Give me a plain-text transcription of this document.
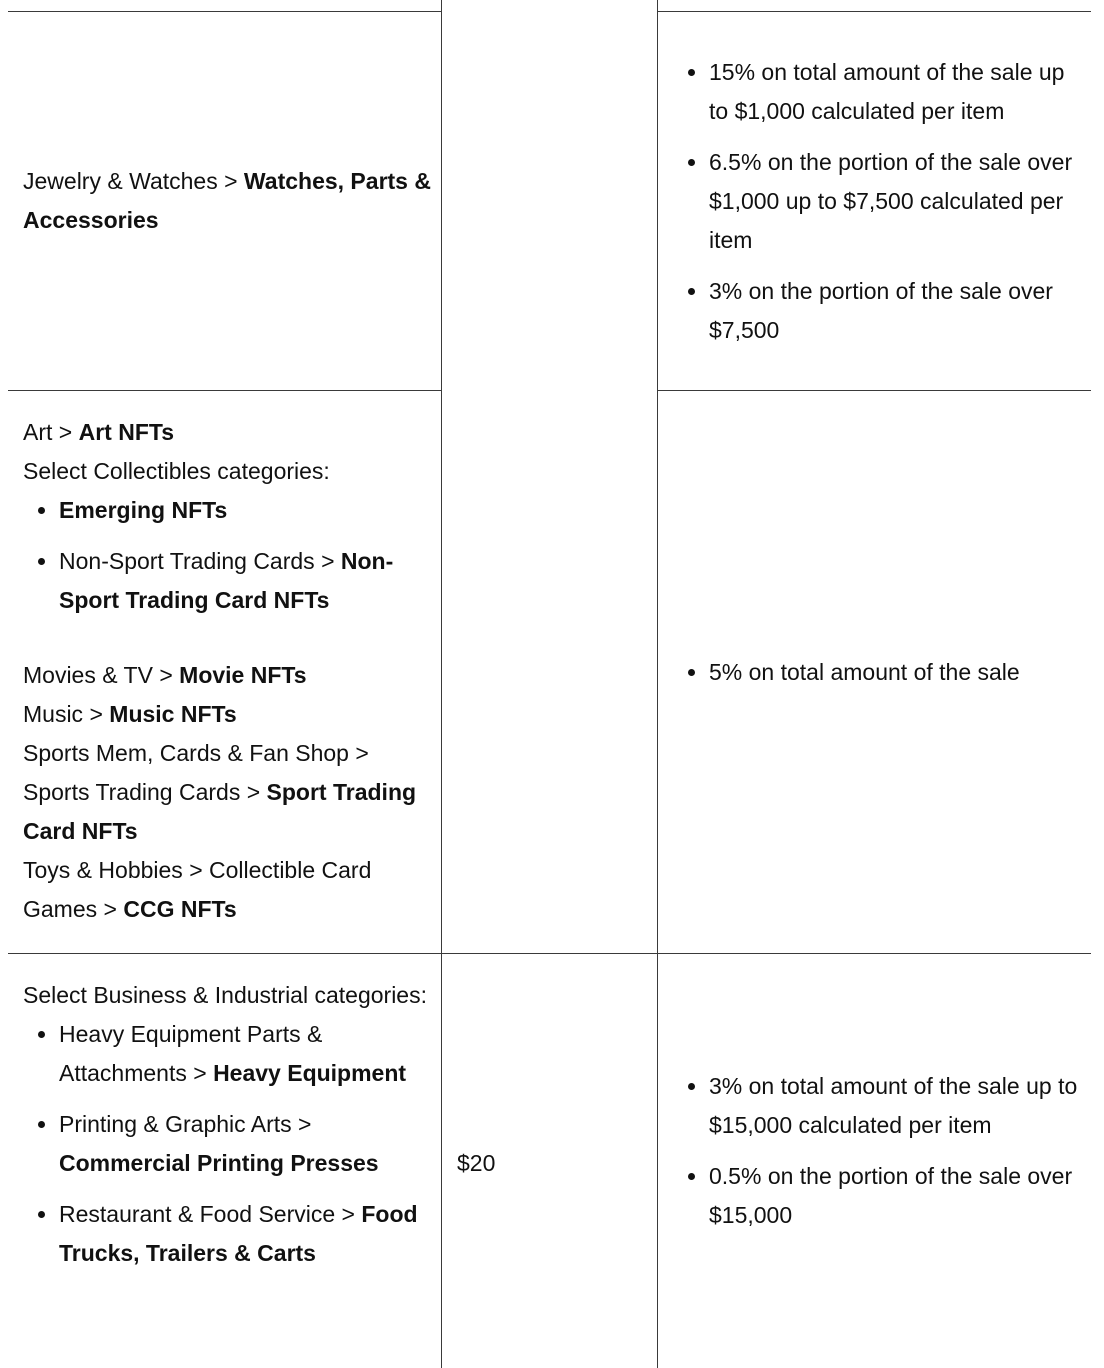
Jewelry & Watches > Watches, Parts & Accessories

• 15% on total amount of the sale up to $1,000 calculated per item
• 6.5% on the portion of the sale over $1,000 up to $7,500 calculated per item
• 3% on the portion of the sale over $7,500

Art > Art NFTs

Select Collectibles categories:

• Emerging NFTs
• Non-Sport Trading Cards > Non-Sport Trading Card NFTs

Movies & TV > Movie NFTs

Music > Music NFTs

Sports Mem, Cards & Fan Shop > Sports Trading Cards > Sport Trading Card NFTs

Toys & Hobbies > Collectible Card Games > CCG NFTs

• 5% on total amount of the sale

Select Business & Industrial categories:

• Heavy Equipment Parts & Attachments > Heavy Equipment
• Printing & Graphic Arts > Commercial Printing Presses
• Restaurant & Food Service > Food Trucks, Trailers & Carts

$20

• 3% on total amount of the sale up to $15,000 calculated per item
• 0.5% on the portion of the sale over $15,000
